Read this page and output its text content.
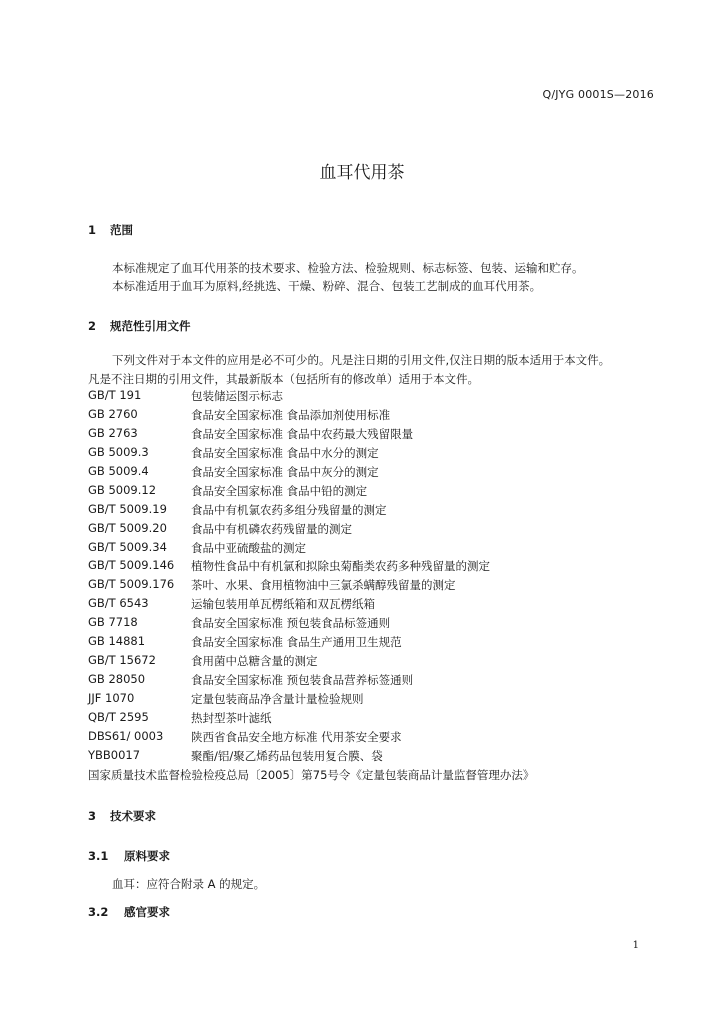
Q/JYG 0001S—2016
血耳代用茶
1 范围
本标准规定了血耳代用茶的技术要求、检验方法、检验规则、标志标签、包装、运输和贮存。
本标准适用于血耳为原料,经挑选、干燥、粉碎、混合、包装工艺制成的血耳代用茶。
2 规范性引用文件
下列文件对于本文件的应用是必不可少的。凡是注日期的引用文件,仅注日期的版本适用于本文件。
凡是不注日期的引用文件，其最新版本（包括所有的修改单）适用于本文件。
GB/T 191	包装储运图示标志
GB 2760	食品安全国家标准 食品添加剂使用标准
GB 2763	食品安全国家标准 食品中农药最大残留限量
GB 5009.3	食品安全国家标准 食品中水分的测定
GB 5009.4	食品安全国家标准 食品中灰分的测定
GB 5009.12	食品安全国家标准 食品中铅的测定
GB/T 5009.19	食品中有机氯农药多组分残留量的测定
GB/T 5009.20	食品中有机磷农药残留量的测定
GB/T 5009.34	食品中亚硫酸盐的测定
GB/T 5009.146	植物性食品中有机氯和拟除虫菊酯类农药多种残留量的测定
GB/T 5009.176	茶叶、水果、食用植物油中三氯杀螨醇残留量的测定
GB/T 6543	运输包装用单瓦楞纸箱和双瓦楞纸箱
GB 7718	食品安全国家标准 预包装食品标签通则
GB 14881	食品安全国家标准 食品生产通用卫生规范
GB/T 15672	食用菌中总糖含量的测定
GB 28050	食品安全国家标准 预包装食品营养标签通则
JJF 1070	定量包装商品净含量计量检验规则
QB/T 2595	热封型茶叶滤纸
DBS61/ 0003	陕西省食品安全地方标准 代用茶安全要求
YBB0017	聚酯/铝/聚乙烯药品包装用复合膜、袋
国家质量技术监督检验检疫总局〔2005〕第75号令《定量包装商品计量监督管理办法》
3 技术要求
3.1 原料要求
血耳：应符合附录 A 的规定。
3.2 感官要求
1
